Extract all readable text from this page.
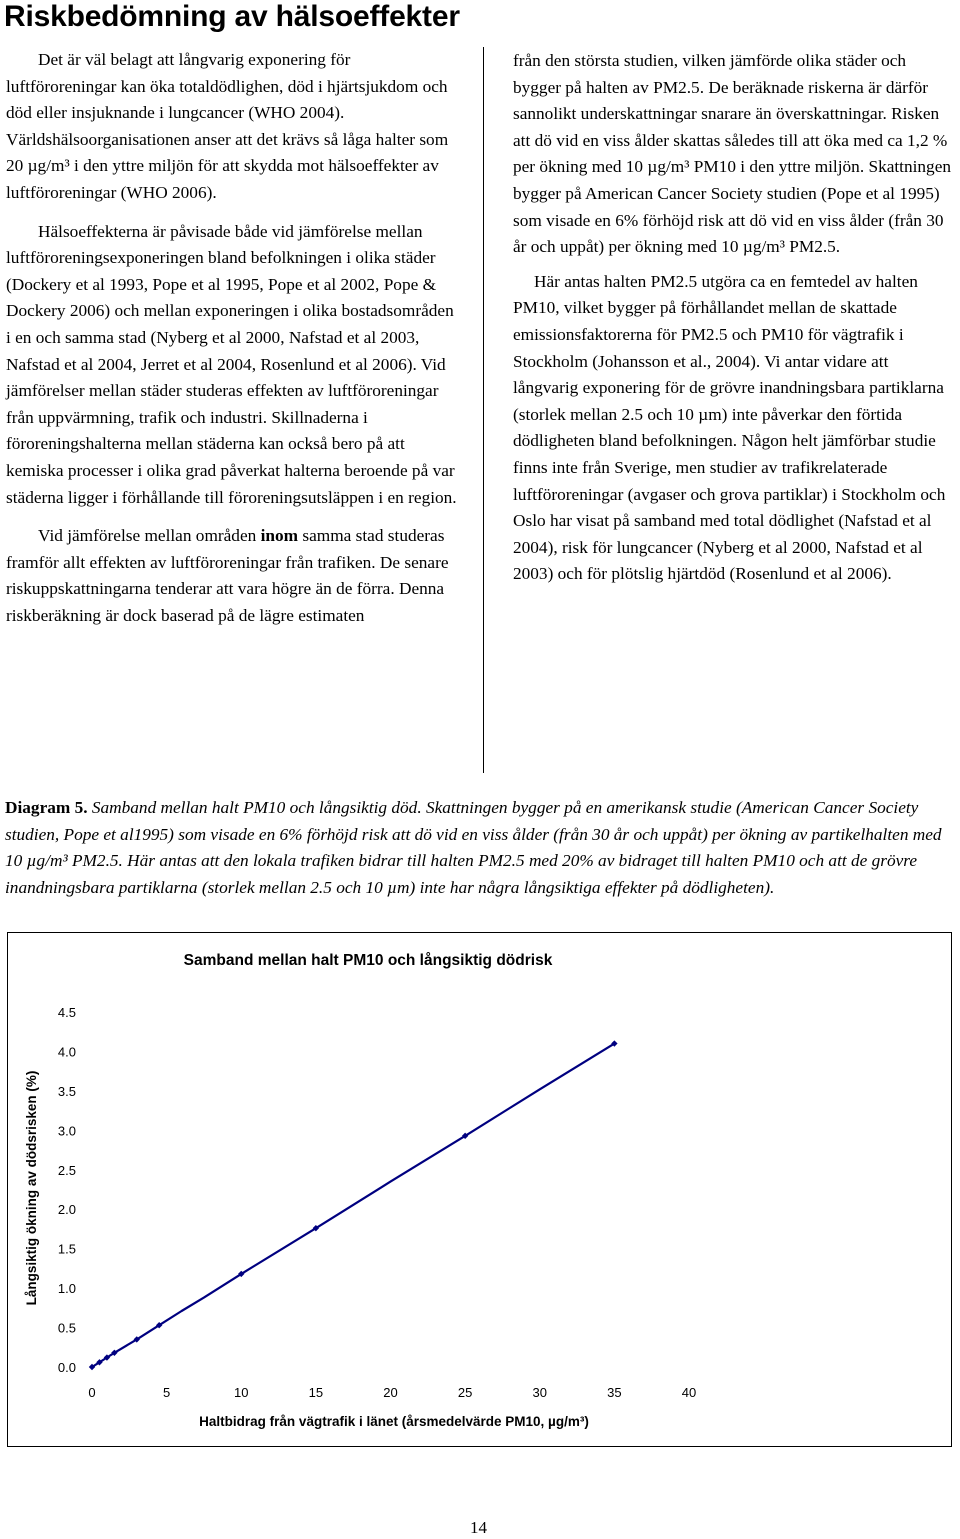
Riskbedömning av hälsoeffekter

Det är väl belagt att långvarig exponering för luftföroreningar kan öka totaldödlighen, död i hjärtsjukdom och död eller insjuknande i lungcancer (WHO 2004). Världshälsoorganisationen anser att det krävs så låga halter som 20 µg/m³ i den yttre miljön för att skydda mot hälsoeffekter av luftföroreningar (WHO 2006).

Hälsoeffekterna är påvisade både vid jämförelse mellan luftföroreningsexponeringen bland befolkningen i olika städer (Dockery et al 1993, Pope et al 1995, Pope et al 2002, Pope & Dockery 2006) och mellan exponeringen i olika bostadsområden i en och samma stad (Nyberg et al 2000, Nafstad et al 2003, Nafstad et al 2004, Jerret et al 2004, Rosenlund et al 2006). Vid jämförelser mellan städer studeras effekten av luftföroreningar från uppvärmning, trafik och industri. Skillnaderna i föroreningshalterna mellan städerna kan också bero på att kemiska processer i olika grad påverkat halterna beroende på var städerna ligger i förhållande till föroreningsutsläppen i en region.

Vid jämförelse mellan områden inom samma stad studeras framför allt effekten av luftföroreningar från trafiken. De senare riskuppskattningarna tenderar att vara högre än de förra. Denna riskberäkning är dock baserad på de lägre estimaten

från den största studien, vilken jämförde olika städer och bygger på halten av PM2.5. De beräknade riskerna är därför sannolikt underskattningar snarare än överskattningar. Risken att dö vid en viss ålder skattas således till att öka med ca 1,2 % per ökning med 10 µg/m³ PM10 i den yttre miljön. Skattningen bygger på American Cancer Society studien (Pope et al 1995) som visade en 6% förhöjd risk att dö vid en viss ålder (från 30 år och uppåt) per ökning med 10 µg/m³ PM2.5.

Här antas halten PM2.5 utgöra ca en femtedel av halten PM10, vilket bygger på förhållandet mellan de skattade emissionsfaktorerna för PM2.5 och PM10 för vägtrafik i Stockholm (Johansson et al., 2004). Vi antar vidare att långvarig exponering för de grövre inandningsbara partiklarna (storlek mellan 2.5 och 10 µm) inte påverkar den förtida dödligheten bland befolkningen. Någon helt jämförbar studie finns inte från Sverige, men studier av trafikrelaterade luftföroreningar (avgaser och grova partiklar) i Stockholm och Oslo har visat på samband med total dödlighet (Nafstad et al 2004), risk för lungcancer (Nyberg et al 2000, Nafstad et al 2003) och för plötslig hjärtdöd (Rosenlund et al 2006).

Diagram 5. Samband mellan halt PM10 och långsiktig död. Skattningen bygger på en amerikansk studie (American Cancer Society studien, Pope et al1995) som visade en 6% förhöjd risk att dö vid en viss ålder (från 30 år och uppåt) per ökning av partikelhalten med 10 µg/m³ PM2.5. Här antas att den lokala trafiken bidrar till halten PM2.5 med 20% av bidraget till halten PM10 och att de grövre inandningsbara partiklarna (storlek mellan 2.5 och 10 µm) inte har några långsiktiga effekter på dödligheten).

Samband mellan halt PM10 och långsiktig dödrisk
0.0
0.5
1.0
1.5
2.0
2.5
3.0
3.5
4.0
4.5
0	5	10	15	20	25	30	35	40
Haltbidrag från vägtrafik i länet (årsmedelvärde PM10, µg/m³)
Långsiktig ökning av dödsrisken (%)
14
